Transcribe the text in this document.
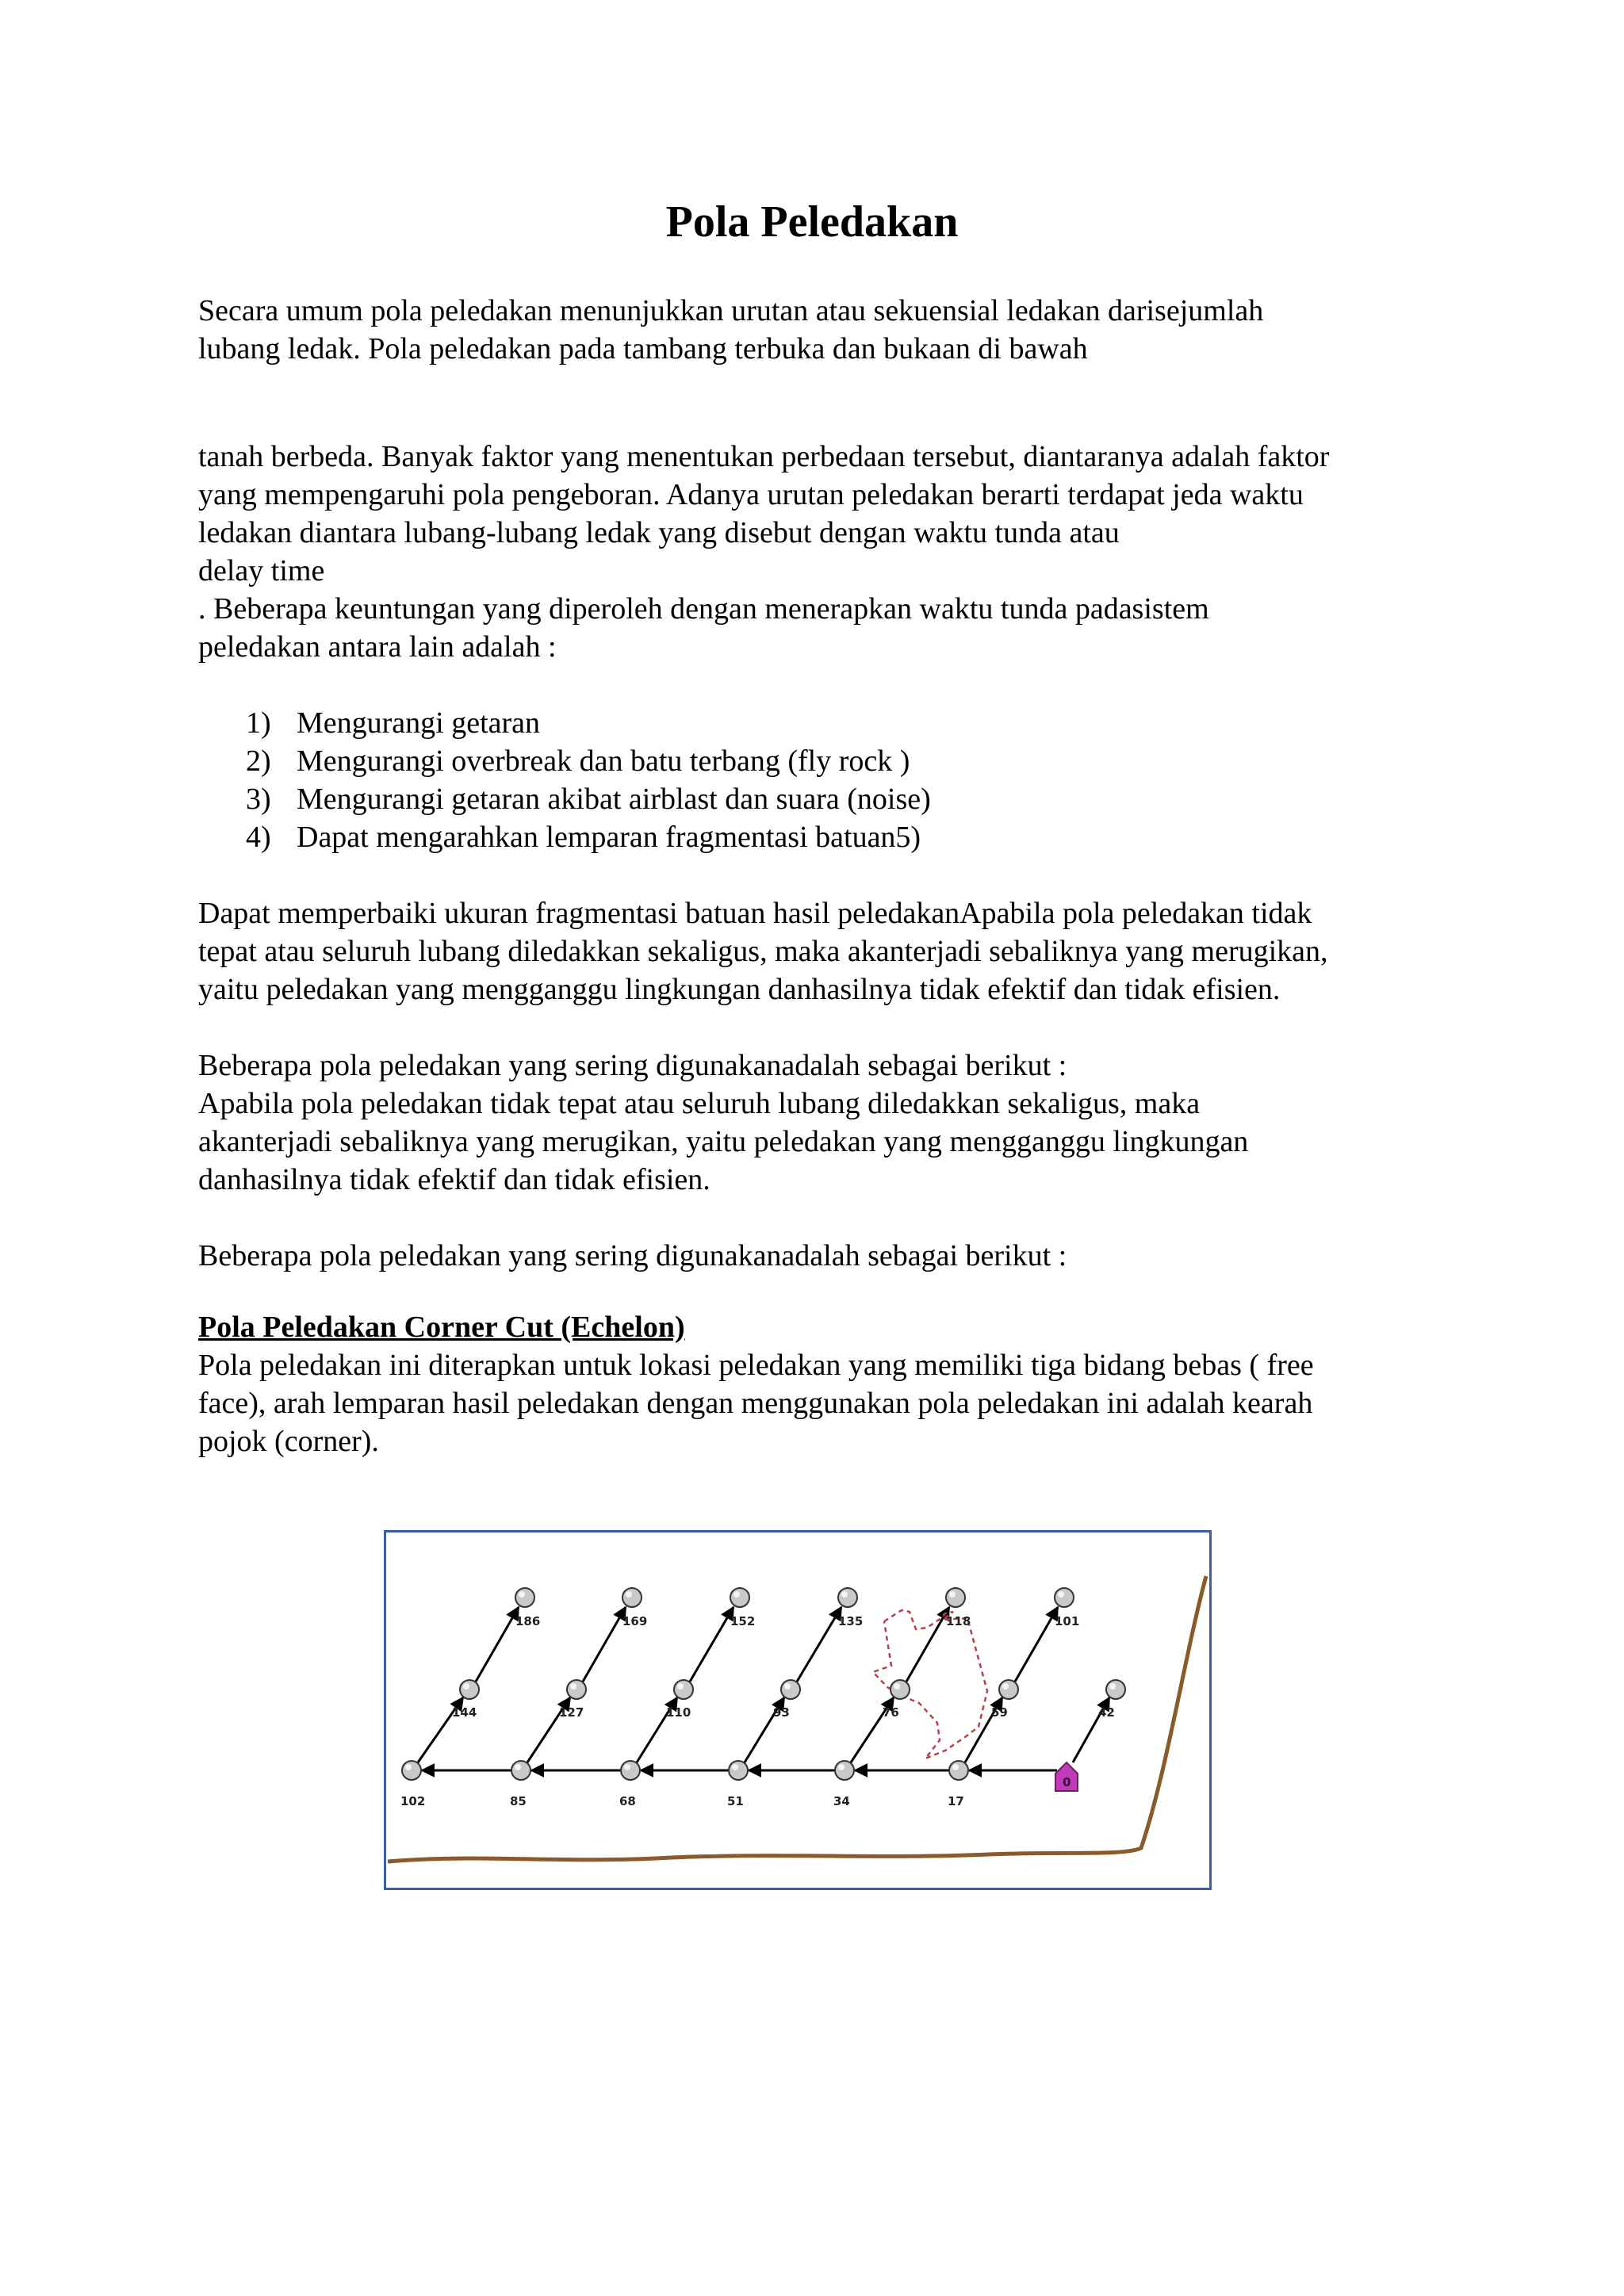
Pola Peledakan
Secara umum pola peledakan menunjukkan urutan atau sekuensial ledakan darisejumlah
lubang ledak. Pola peledakan pada tambang terbuka dan bukaan di bawah
tanah berbeda. Banyak faktor yang menentukan perbedaan tersebut, diantaranya adalah faktor
yang mempengaruhi pola pengeboran. Adanya urutan peledakan berarti terdapat jeda waktu
ledakan diantara lubang-lubang ledak yang disebut dengan waktu tunda atau
delay time
. Beberapa keuntungan yang diperoleh dengan menerapkan waktu tunda padasistem
peledakan antara lain adalah :
1) Mengurangi getaran
2) Mengurangi overbreak dan batu terbang (fly rock )
3) Mengurangi getaran akibat airblast dan suara (noise)
4) Dapat mengarahkan lemparan fragmentasi batuan5)
Dapat memperbaiki ukuran fragmentasi batuan hasil peledakanApabila pola peledakan tidak
tepat atau seluruh lubang diledakkan sekaligus, maka akanterjadi sebaliknya yang merugikan,
yaitu peledakan yang mengganggu lingkungan danhasilnya tidak efektif dan tidak efisien.
Beberapa pola peledakan yang sering digunakanadalah sebagai berikut :
Apabila pola peledakan tidak tepat atau seluruh lubang diledakkan sekaligus, maka
akanterjadi sebaliknya yang merugikan, yaitu peledakan yang mengganggu lingkungan
danhasilnya tidak efektif dan tidak efisien.
Beberapa pola peledakan yang sering digunakanadalah sebagai berikut :
Pola Peledakan Corner Cut (Echelon)
Pola peledakan ini diterapkan untuk lokasi peledakan yang memiliki tiga bidang bebas ( free
face), arah lemparan hasil peledakan dengan menggunakan pola peledakan ini adalah kearah
pojok (corner).
186	169	152	135	118	101
144	127	110	93	76	59	42
102	85	68	51	34	17
0
